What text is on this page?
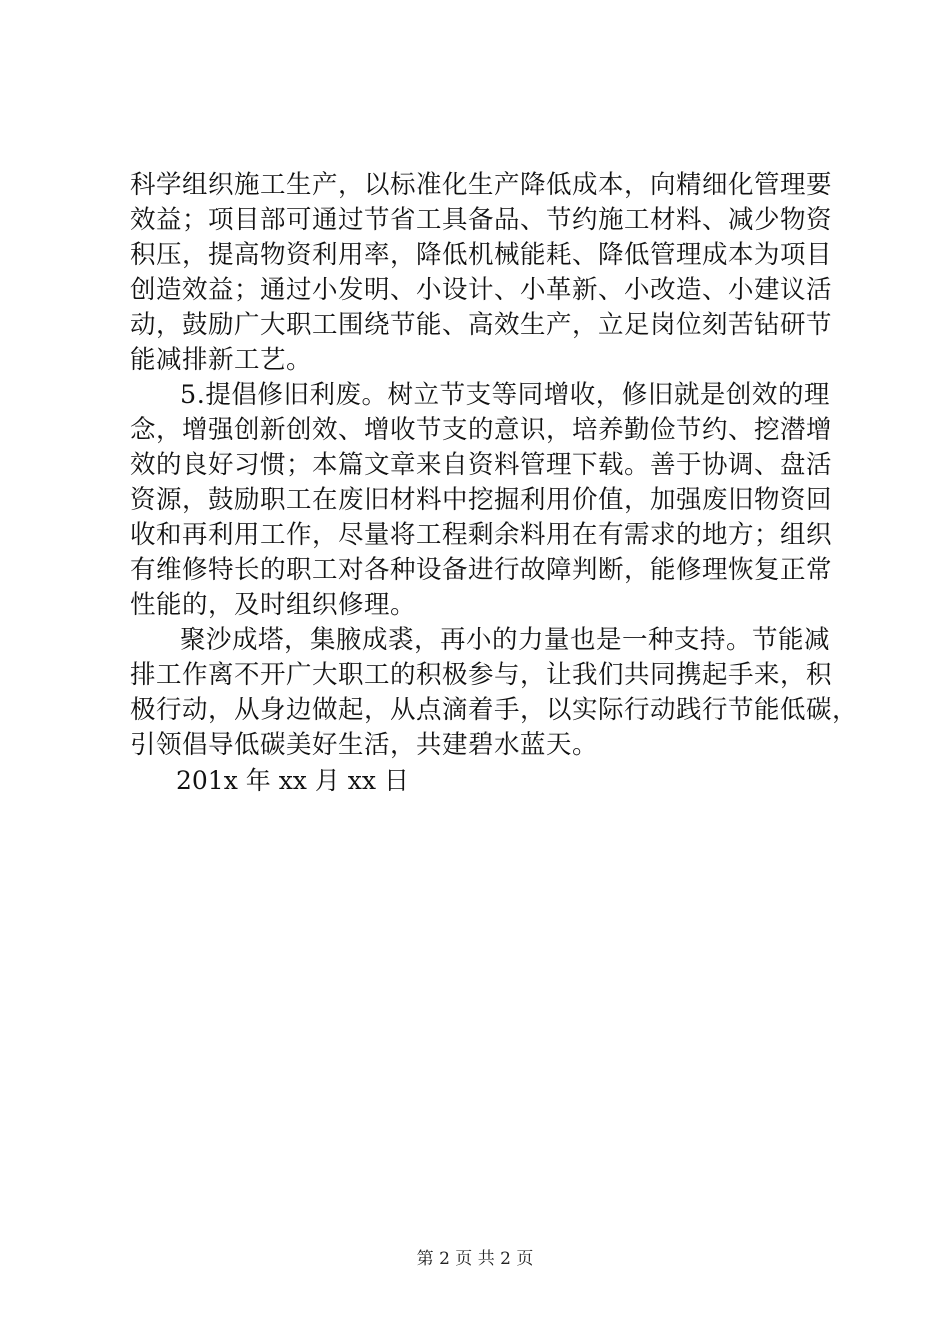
科学组织施工生产，以标准化生产降低成本，向精细化管理要
效益；项目部可通过节省工具备品、节约施工材料、减少物资
积压，提高物资利用率，降低机械能耗、降低管理成本为项目
创造效益；通过小发明、小设计、小革新、小改造、小建议活
动，鼓励广大职工围绕节能、高效生产，立足岗位刻苦钻研节
能减排新工艺。
5.提倡修旧利废。树立节支等同增收，修旧就是创效的理
念，增强创新创效、增收节支的意识，培养勤俭节约、挖潜增
效的良好习惯；本篇文章来自资料管理下载。善于协调、盘活
资源，鼓励职工在废旧材料中挖掘利用价值，加强废旧物资回
收和再利用工作，尽量将工程剩余料用在有需求的地方；组织
有维修特长的职工对各种设备进行故障判断，能修理恢复正常
性能的，及时组织修理。
聚沙成塔，集腋成裘，再小的力量也是一种支持。节能减
排工作离不开广大职工的积极参与，让我们共同携起手来，积
极行动，从身边做起，从点滴着手，以实际行动践行节能低碳，
引领倡导低碳美好生活，共建碧水蓝天。
201x 年 xx 月 xx 日
第 2 页 共 2 页
